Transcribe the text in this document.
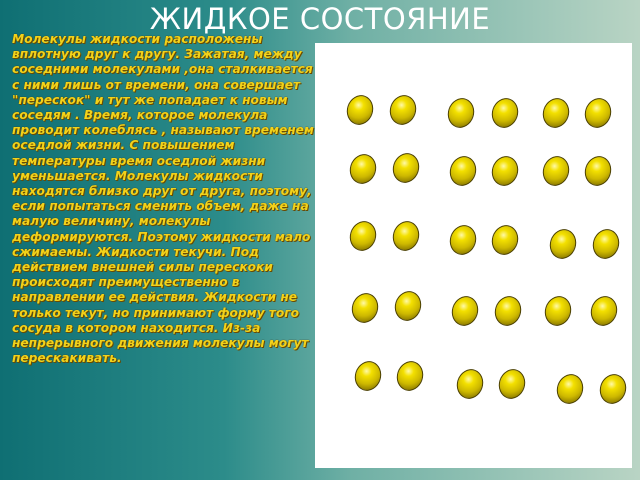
ЖИДКОЕ СОСТОЯНИЕ
Молекулы жидкости расположены вплотную друг к другу. Зажатая, между соседними молекулами ,она сталкивается с ними лишь от времени, она совершает "перескок" и тут же попадает к новым соседям . Время, которое молекула проводит колеблясь , называют временем оседлой жизни. С повышением температуры время оседлой жизни уменьшается. Молекулы жидкости находятся близко друг от друга, поэтому, если попытаться сменить объем, даже на малую величину, молекулы деформируются. Поэтому жидкости мало сжимаемы. Жидкости текучи. Под действием внешней силы перескоки происходят преимущественно в направлении ее действия. Жидкости не только текут, но принимают форму того сосуда в котором находится. Из-за непрерывного движения молекулы могут перескакивать.
